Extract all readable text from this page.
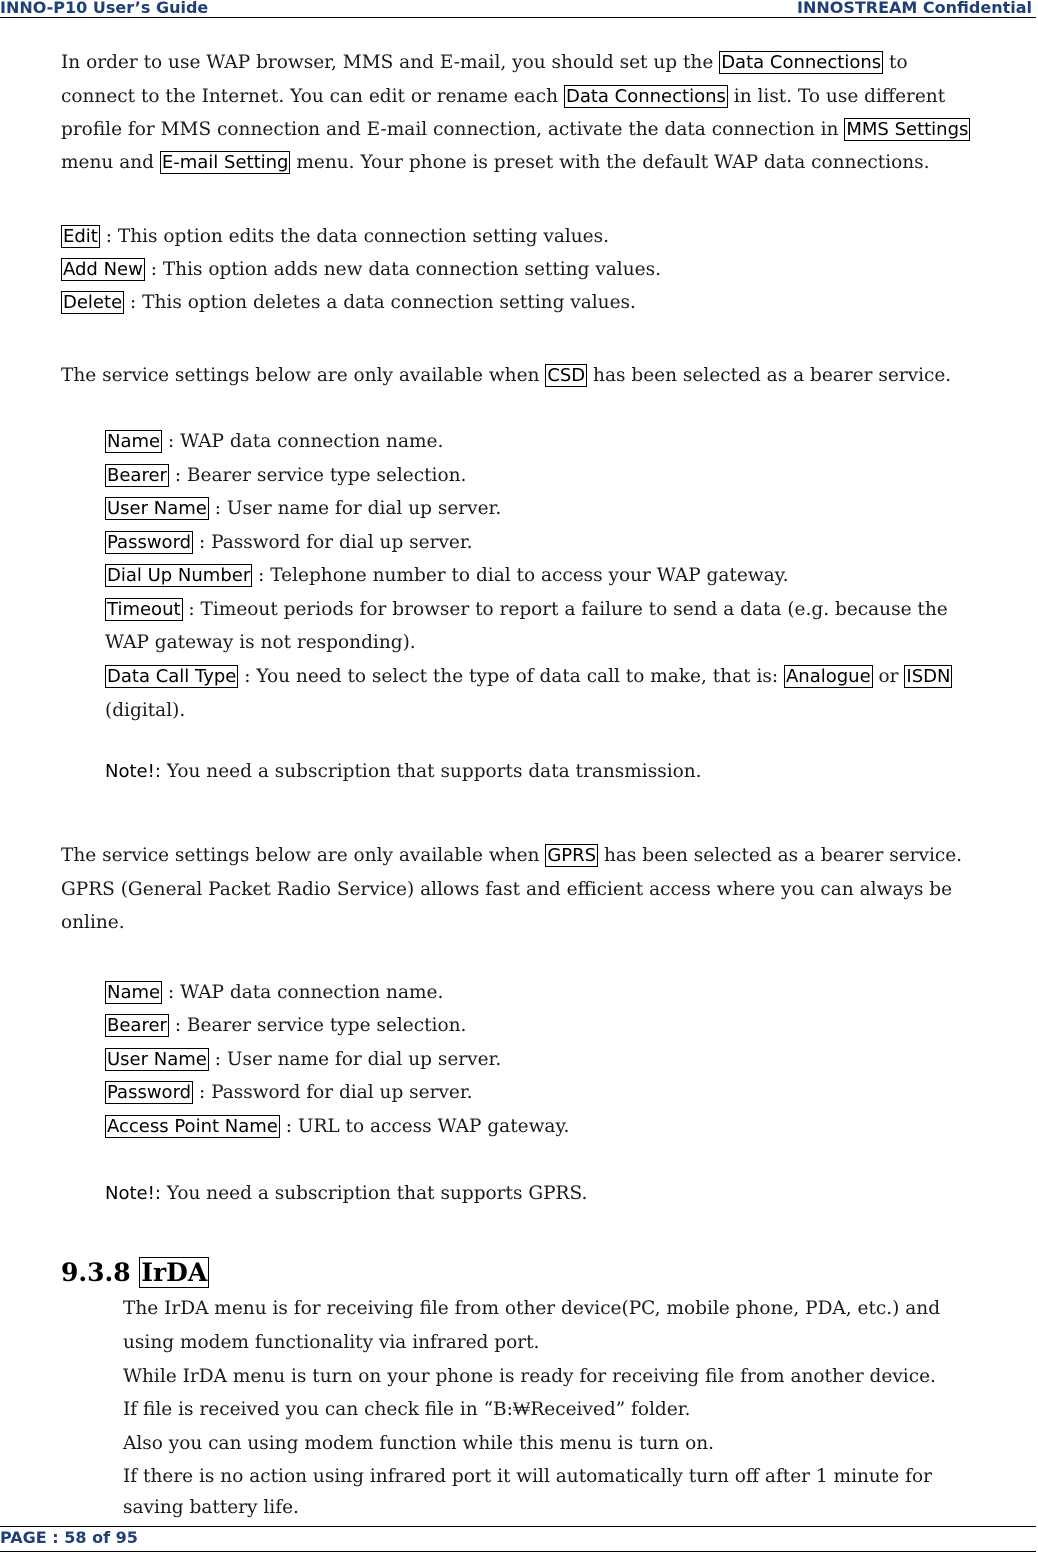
INNO-P10 User’s Guide	INNOSTREAM Confidential
In order to use WAP browser, MMS and E-mail, you should set up the Data Connections to
connect to the Internet. You can edit or rename each Data Connections in list. To use different
profile for MMS connection and E-mail connection, activate the data connection in MMS Settings
menu and E-mail Setting menu. Your phone is preset with the default WAP data connections.
Edit : This option edits the data connection setting values.
Add New : This option adds new data connection setting values.
Delete : This option deletes a data connection setting values.
The service settings below are only available when CSD has been selected as a bearer service.
Name : WAP data connection name.
Bearer : Bearer service type selection.
User Name : User name for dial up server.
Password : Password for dial up server.
Dial Up Number : Telephone number to dial to access your WAP gateway.
Timeout : Timeout periods for browser to report a failure to send a data (e.g. because the
WAP gateway is not responding).
Data Call Type : You need to select the type of data call to make, that is: Analogue or ISDN
(digital).
Note!: You need a subscription that supports data transmission.
The service settings below are only available when GPRS has been selected as a bearer service.
GPRS (General Packet Radio Service) allows fast and efficient access where you can always be
online.
Name : WAP data connection name.
Bearer : Bearer service type selection.
User Name : User name for dial up server.
Password : Password for dial up server.
Access Point Name : URL to access WAP gateway.
Note!: You need a subscription that supports GPRS.
9.3.8 IrDA
The IrDA menu is for receiving file from other device(PC, mobile phone, PDA, etc.) and
using modem functionality via infrared port.
While IrDA menu is turn on your phone is ready for receiving file from another device.
If file is received you can check file in “B:₩Received” folder.
Also you can using modem function while this menu is turn on.
If there is no action using infrared port it will automatically turn off after 1 minute for
saving battery life.
PAGE : 58 of 95
